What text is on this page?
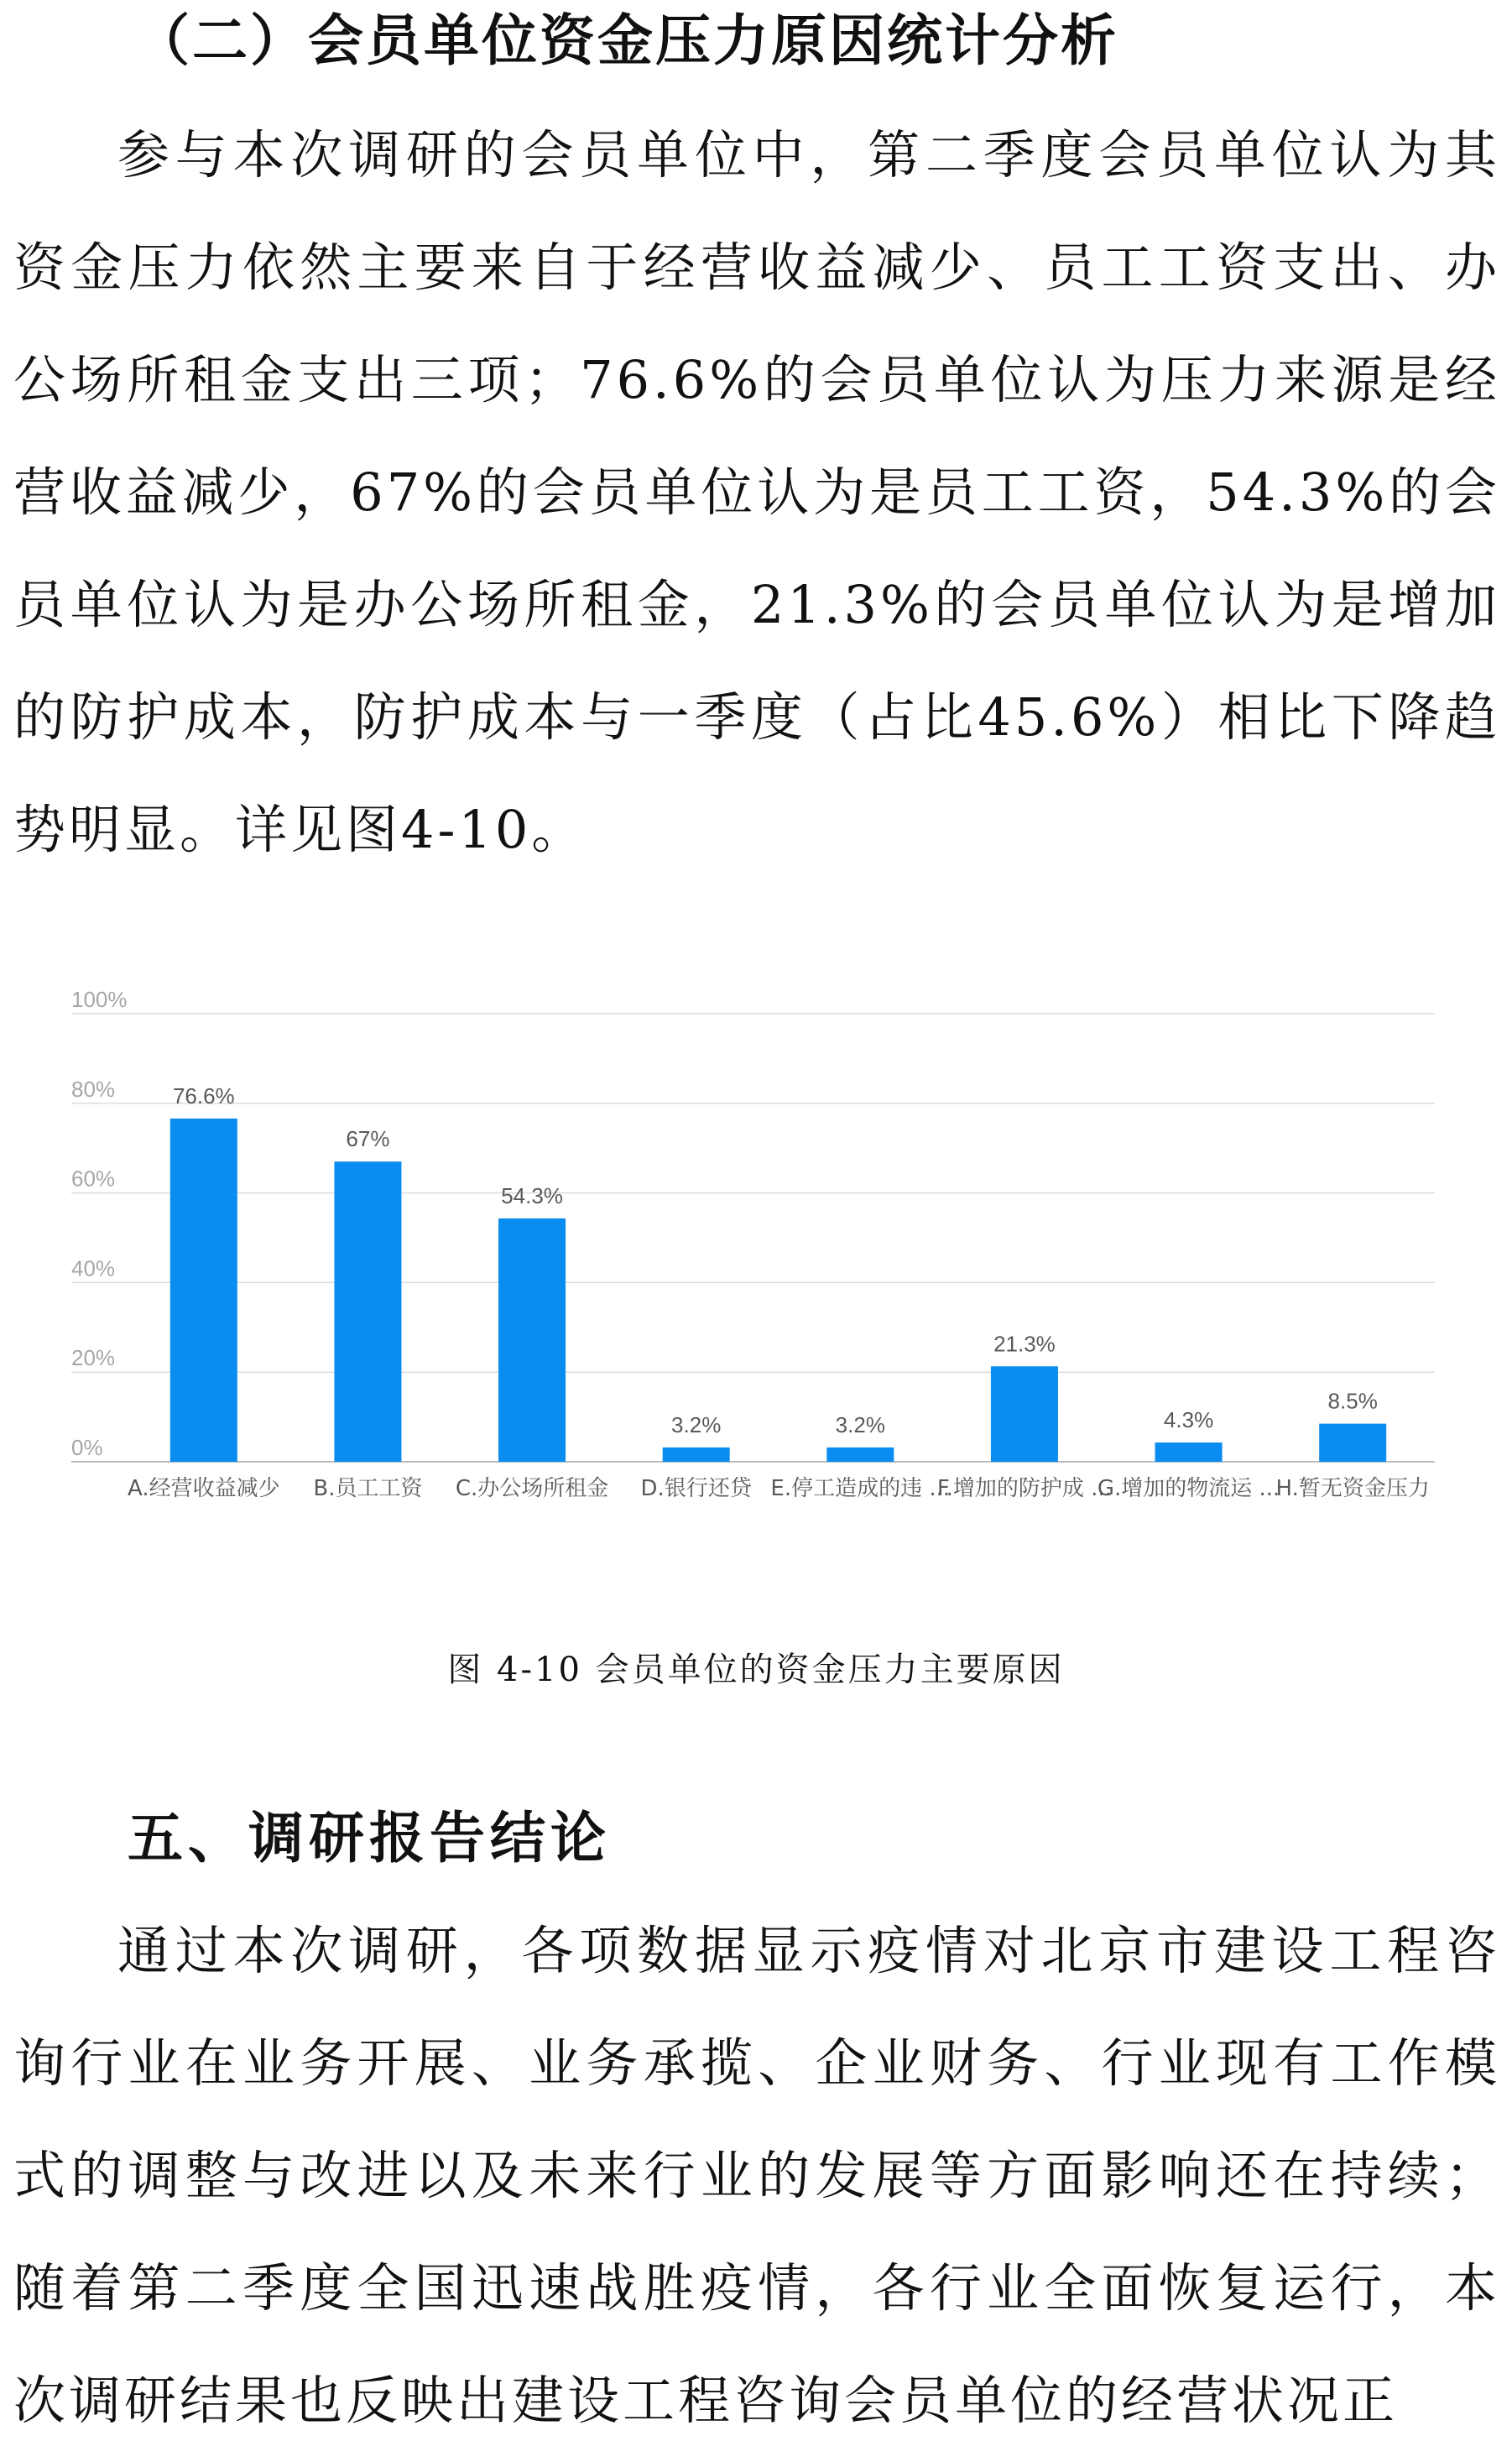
（二）会员单位资金压力原因统计分析

参与本次调研的会员单位中，第二季度会员单位认为其资金压力依然主要来自于经营收益减少、员工工资支出、办公场所租金支出三项；76.6%的会员单位认为压力来源是经营收益减少，67%的会员单位认为是员工工资，54.3%的会员单位认为是办公场所租金，21.3%的会员单位认为是增加的防护成本，防护成本与一季度（占比45.6%）相比下降趋势明显。详见图4-10。

0%
20%
40%
60%
80%
100%
76.6%
67%
54.3%
3.2%	3.2%
21.3%
4.3%
8.5%
A.经营收益减少 B.员工工资 C.办公场所租金 D.银行还贷 E.停工造成的违 ...
F.增加的防护成 ...
G.增加的物流运 ...
H.暂无资金压力

图 4-10 会员单位的资金压力主要原因

五、调研报告结论

通过本次调研，各项数据显示疫情对北京市建设工程咨询行业在业务开展、业务承揽、企业财务、行业现有工作模式的调整与改进以及未来行业的发展等方面影响还在持续；随着第二季度全国迅速战胜疫情，各行业全面恢复运行，本次调研结果也反映出建设工程咨询会员单位的经营状况正
